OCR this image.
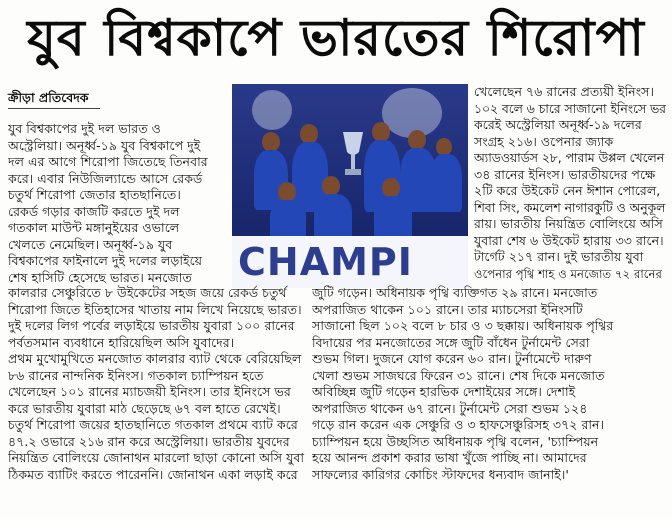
যুব বিশ্বকাপে ভারতের শিরোপা
ক্রীড়া প্রতিবেদক
যুব বিশ্বকাপের দুই দল ভারত ও
অস্ট্রেলিয়া। অনূর্ধ্ব-১৯ যুব বিশ্বকাপে দুই
দল এর আগে শিরোপা জিতেছে তিনবার
করে। এবার নিউজিল্যান্ডে আসে রেকর্ড
চতুর্থ শিরোপা জেতার হাতছানিতে।
রেকর্ড গড়ার কাজটি করতে দুই দল
গতকাল মাউন্ট মঙ্গানুইয়ের ওভালে
খেলতে নেমেছিল। অনূর্ধ্ব-১৯ যুব
বিশ্বকাপের ফাইনালে দুই দলের লড়াইয়ে
শেষ হাসিটি হেসেছে ভারত। মনজোত	CHAMPI
খেলেছেন ৭৬ রানের প্রত্যয়ী ইনিংস।
১০২ বলে ৬ চারে সাজানো ইনিংসে ভর
করেই অস্ট্রেলিয়া অনূর্ধ্ব-১৯ দলের
সংগ্রহ ২১৬। ওপেনার জ্যাক
অ্যাডওয়ার্ডস ২৮, পারাম উপ্পল খেলেন
৩৪ রানের ইনিংস। ভারতীয়দের পক্ষে
২টি করে উইকেট নেন ঈশান পোরেল,
শিবা সিং, কমলেশ নাগারকুটি ও অনুকূল
রায়। ভারতীয় নিয়ন্ত্রিত বোলিংয়ে অসি
যুবারা শেষ ৬ উইকেট হারায় ৩৩ রানে।
টার্গেট ২১৭ রান। দুই ভারতীয় যুবা
ওপেনার পৃথ্বি শাহ ও মনজোত ৭২ রানের
কালরার সেঞ্চুরিতে ৮ উইকেটের সহজ জয়ে রেকর্ড চতুর্থ
শিরোপা জিতে ইতিহাসের খাতায় নাম লিখে নিয়েছে ভারত।
দুই দলের লিগ পর্বের লড়াইয়ে ভারতীয় যুবারা ১০০ রানের
পর্বতসমান ব্যবধানে হারিয়েছিল অসি যুবাদের।
প্রথম মুখোমুখিতে মনজোত কালরার ব্যাট থেকে বেরিয়েছিল
৮৬ রানের নান্দনিক ইনিংস। গতকাল চ্যাম্পিয়ন হতে
খেলেছেন ১০১ রানের ম্যাচজয়ী ইনিংস। তার ইনিংসে ভর
করে ভারতীয় যুবারা মাঠ ছেড়েছে ৬৭ বল হাতে রেখেই।
চতুর্থ শিরোপা জয়ের হাতছানিতে গতকাল প্রথমে ব্যাট করে
৪৭.২ ওভারে ২১৬ রান করে অস্ট্রেলিয়া। ভারতীয় যুবদের
নিয়ন্ত্রিত বোলিংয়ে জোনাথন মারলো ছাড়া কোনো অসি যুবা
ঠিকমত ব্যাটিং করতে পারেননি। জোনাথন একা লড়াই করে
জুটি গড়েন। অধিনায়ক পৃথ্বি ব্যক্তিগত ২৯ রানে। মনজোত
অপরাজিত থাকেন ১০১ রানে। তার ম্যাচসেরা ইনিংসটি
সাজানো ছিল ১০২ বলে ৮ চার ও ৩ ছক্কায়। অধিনায়ক পৃথ্বির
বিদায়ের পর মনজোতের সঙ্গে জুটি বাঁধেন টুর্নামেন্ট সেরা
শুভম গিল। দুজনে যোগ করেন ৬০ রান। টুর্নামেন্টে দারুণ
খেলা শুভম সাজঘরে ফিরেন ৩১ রানে। শেষ দিকে মনজোত
অবিচ্ছিন্ন জুটি গড়েন হারভিক দেশাইয়ের সঙ্গে। দেশাই
অপরাজিত থাকেন ৬৭ রানে। টুর্নামেন্ট সেরা শুভম ১২৪
গড়ে রান করেন এক সেঞ্চুরি ও ৩ হাফসেঞ্চুরিসহ ৩৭২ রান।
চ্যাম্পিয়ন হয়ে উচ্ছসিত অধিনায়ক পৃথ্বি বলেন, 'চ্যাম্পিয়ন
হয়ে আনন্দ প্রকাশ করার ভাষা খুঁজে পাচ্ছি না। আমাদের
সাফল্যের কারিগর কোচিং স্টাফদের ধন্যবাদ জানাই।'
